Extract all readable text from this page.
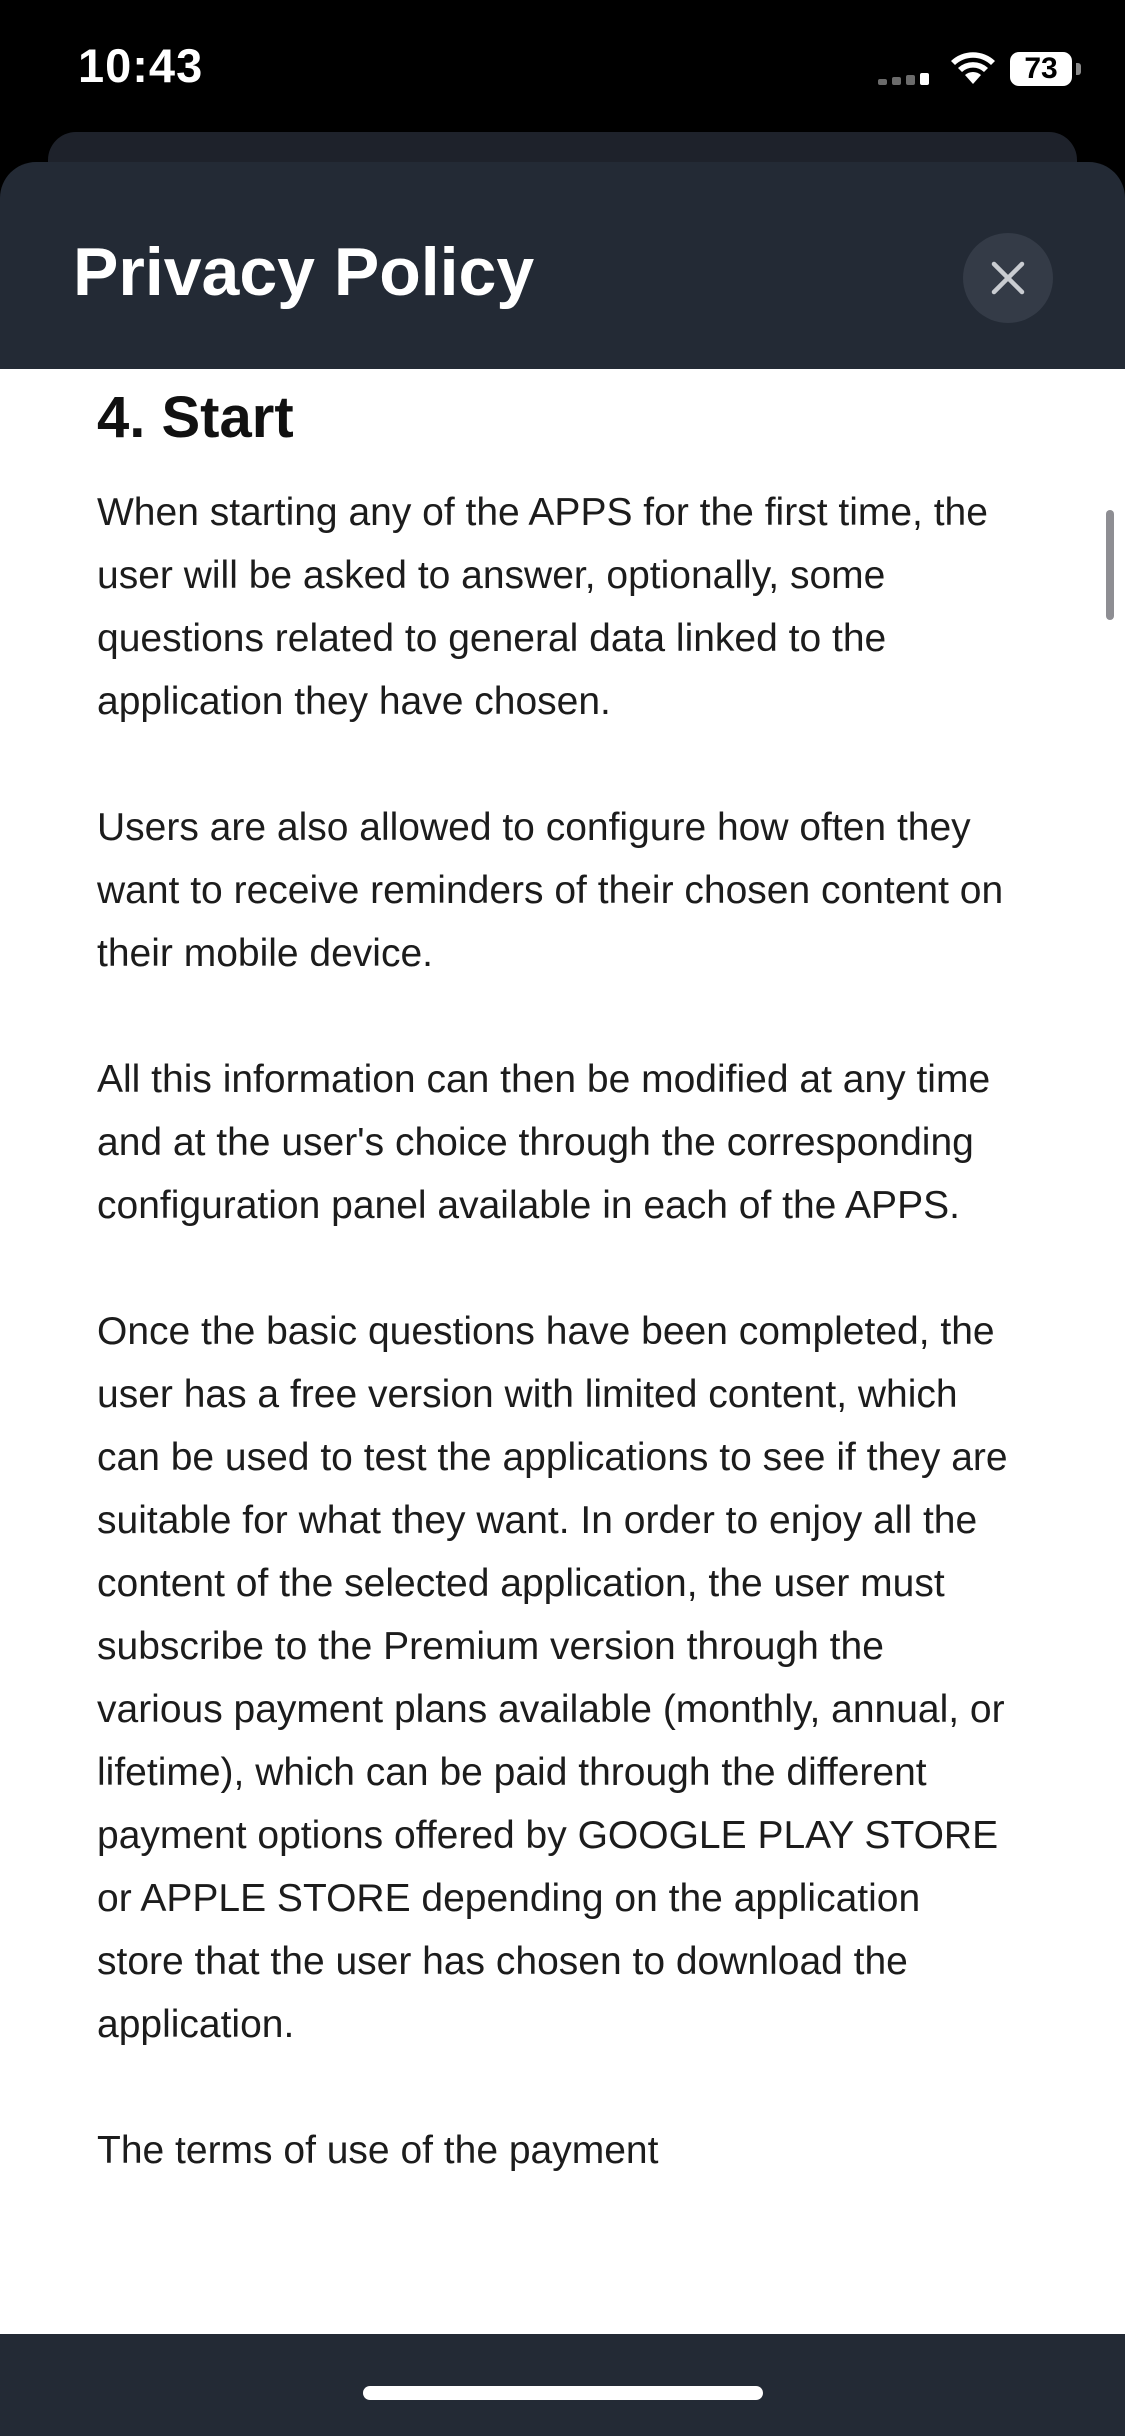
10:43	73
Privacy Policy
4. Start

When starting any of the APPS for the first time, the user will be asked to answer, optionally, some questions related to general data linked to the application they have chosen.

Users are also allowed to configure how often they want to receive reminders of their chosen content on their mobile device.

All this information can then be modified at any time and at the user's choice through the corresponding configuration panel available in each of the APPS.

Once the basic questions have been completed, the user has a free version with limited content, which can be used to test the applications to see if they are suitable for what they want. In order to enjoy all the content of the selected application, the user must subscribe to the Premium version through the various payment plans available (monthly, annual, or lifetime), which can be paid through the different payment options offered by GOOGLE PLAY STORE or APPLE STORE depending on the application store that the user has chosen to download the application.

The terms of use of the payment
